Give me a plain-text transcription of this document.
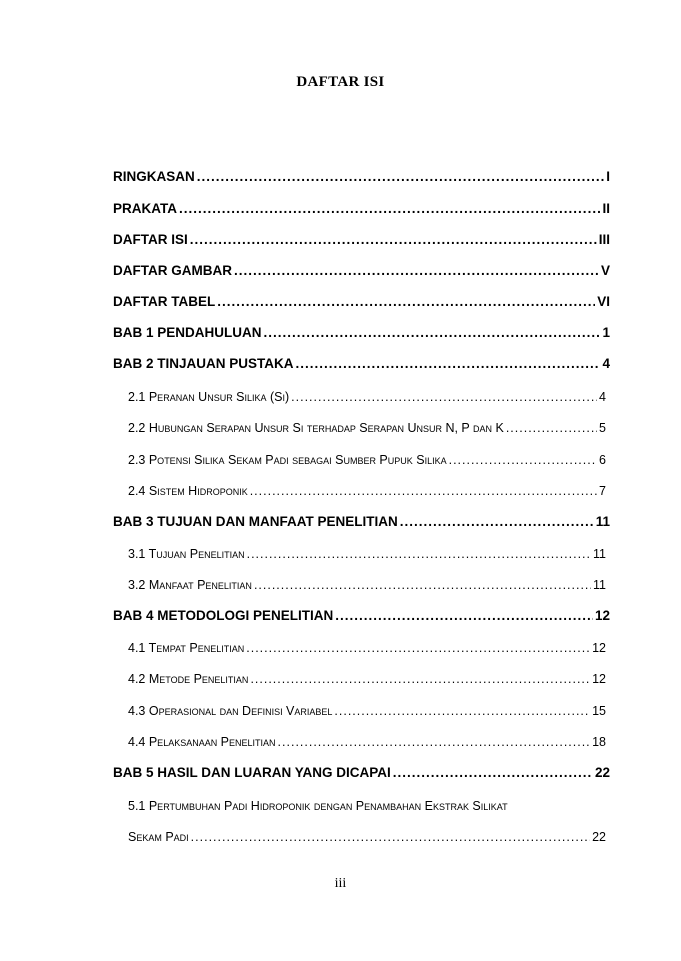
DAFTAR ISI
RINGKASAN .....	I
PRAKATA .....	II
DAFTAR ISI .....	III
DAFTAR GAMBAR .....	V
DAFTAR TABEL .....	VI
BAB 1 PENDAHULUAN .....	1
BAB 2 TINJAUAN PUSTAKA .....	4
2.1 Peranan Unsur Silika (Si) .....	4
2.2 Hubungan Serapan Unsur Si terhadap Serapan Unsur N, P dan K .....	5
2.3 Potensi Silika Sekam Padi sebagai Sumber Pupuk Silika .....	6
2.4 Sistem Hidroponik .....	7
BAB 3 TUJUAN DAN MANFAAT PENELITIAN .....	11
3.1 Tujuan Penelitian .....	11
3.2 Manfaat Penelitian .....	11
BAB 4 METODOLOGI PENELITIAN .....	12
4.1 Tempat Penelitian .....	12
4.2 Metode Penelitian .....	12
4.3 Operasional dan Definisi Variabel .....	15
4.4 Pelaksanaan Penelitian .....	18
BAB 5 HASIL DAN LUARAN YANG DICAPAI .....	22
5.1 Pertumbuhan Padi Hidroponik dengan Penambahan Ekstrak Silikat
Sekam Padi .....	22
iii
